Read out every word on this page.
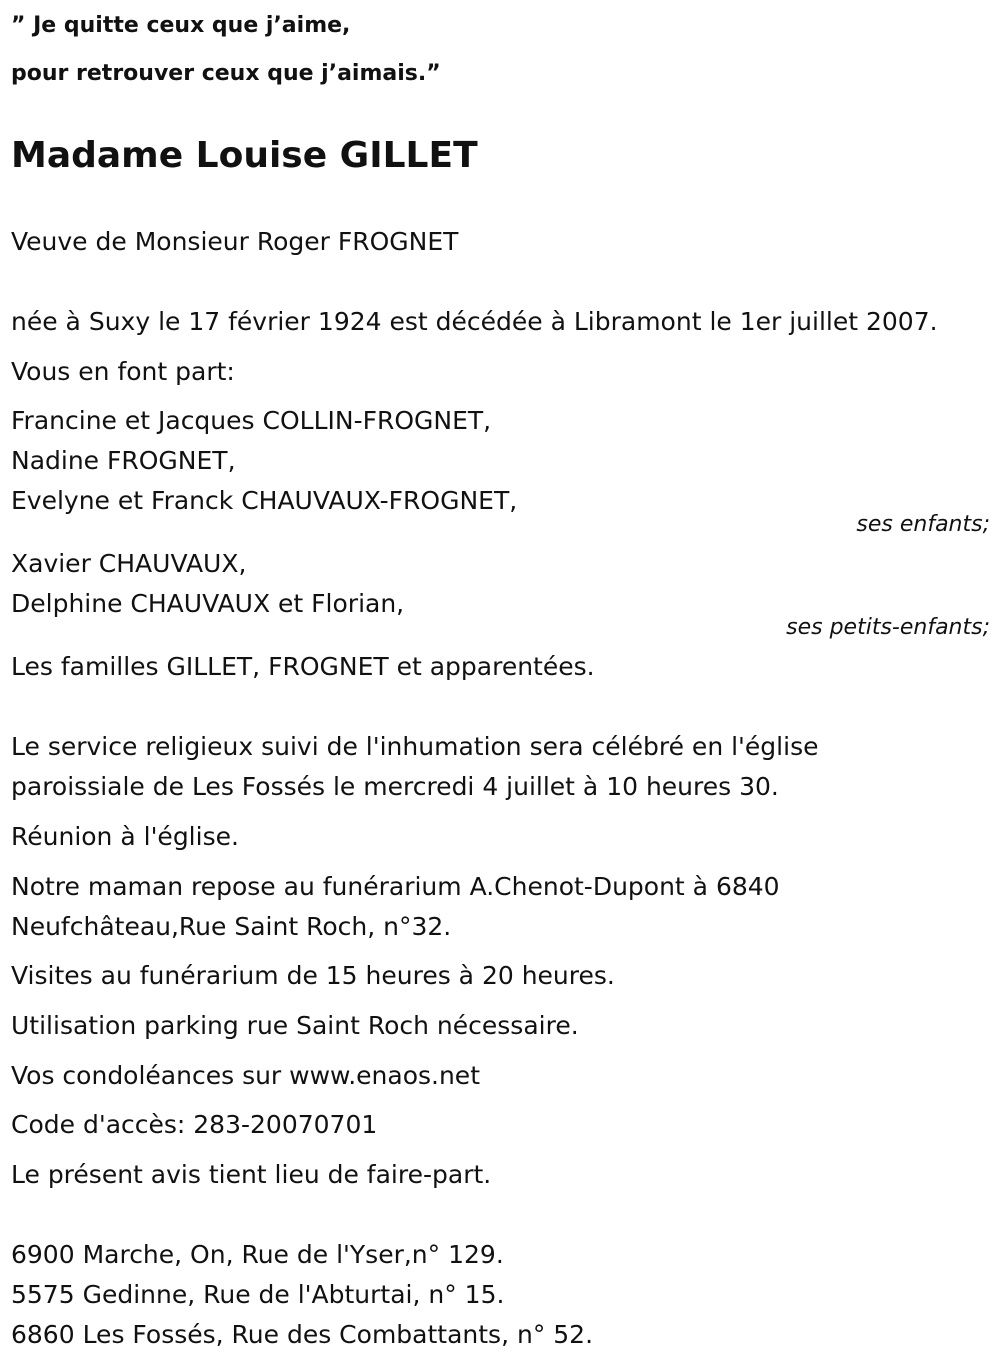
” Je quitte ceux que j’aime,
pour retrouver ceux que j’aimais.”
Madame Louise GILLET
Veuve de Monsieur Roger FROGNET
née à Suxy le 17 février 1924 est décédée à Libramont le 1er juillet 2007.
Vous en font part:
Francine et Jacques COLLIN-FROGNET,
Nadine FROGNET,
Evelyne et Franck CHAUVAUX-FROGNET,
ses enfants;
Xavier CHAUVAUX,
Delphine CHAUVAUX et Florian,
ses petits-enfants;
Les familles GILLET, FROGNET et apparentées.
Le service religieux suivi de l'inhumation sera célébré en l'église
paroissiale de Les Fossés le mercredi 4 juillet à 10 heures 30.
Réunion à l'église.
Notre maman repose au funérarium A.Chenot-Dupont à 6840
Neufchâteau,Rue Saint Roch, n°32.
Visites au funérarium de 15 heures à 20 heures.
Utilisation parking rue Saint Roch nécessaire.
Vos condoléances sur www.enaos.net
Code d'accès: 283-20070701
Le présent avis tient lieu de faire-part.
6900 Marche, On, Rue de l'Yser,n° 129.
5575 Gedinne, Rue de l'Abturtai, n° 15.
6860 Les Fossés, Rue des Combattants, n° 52.
